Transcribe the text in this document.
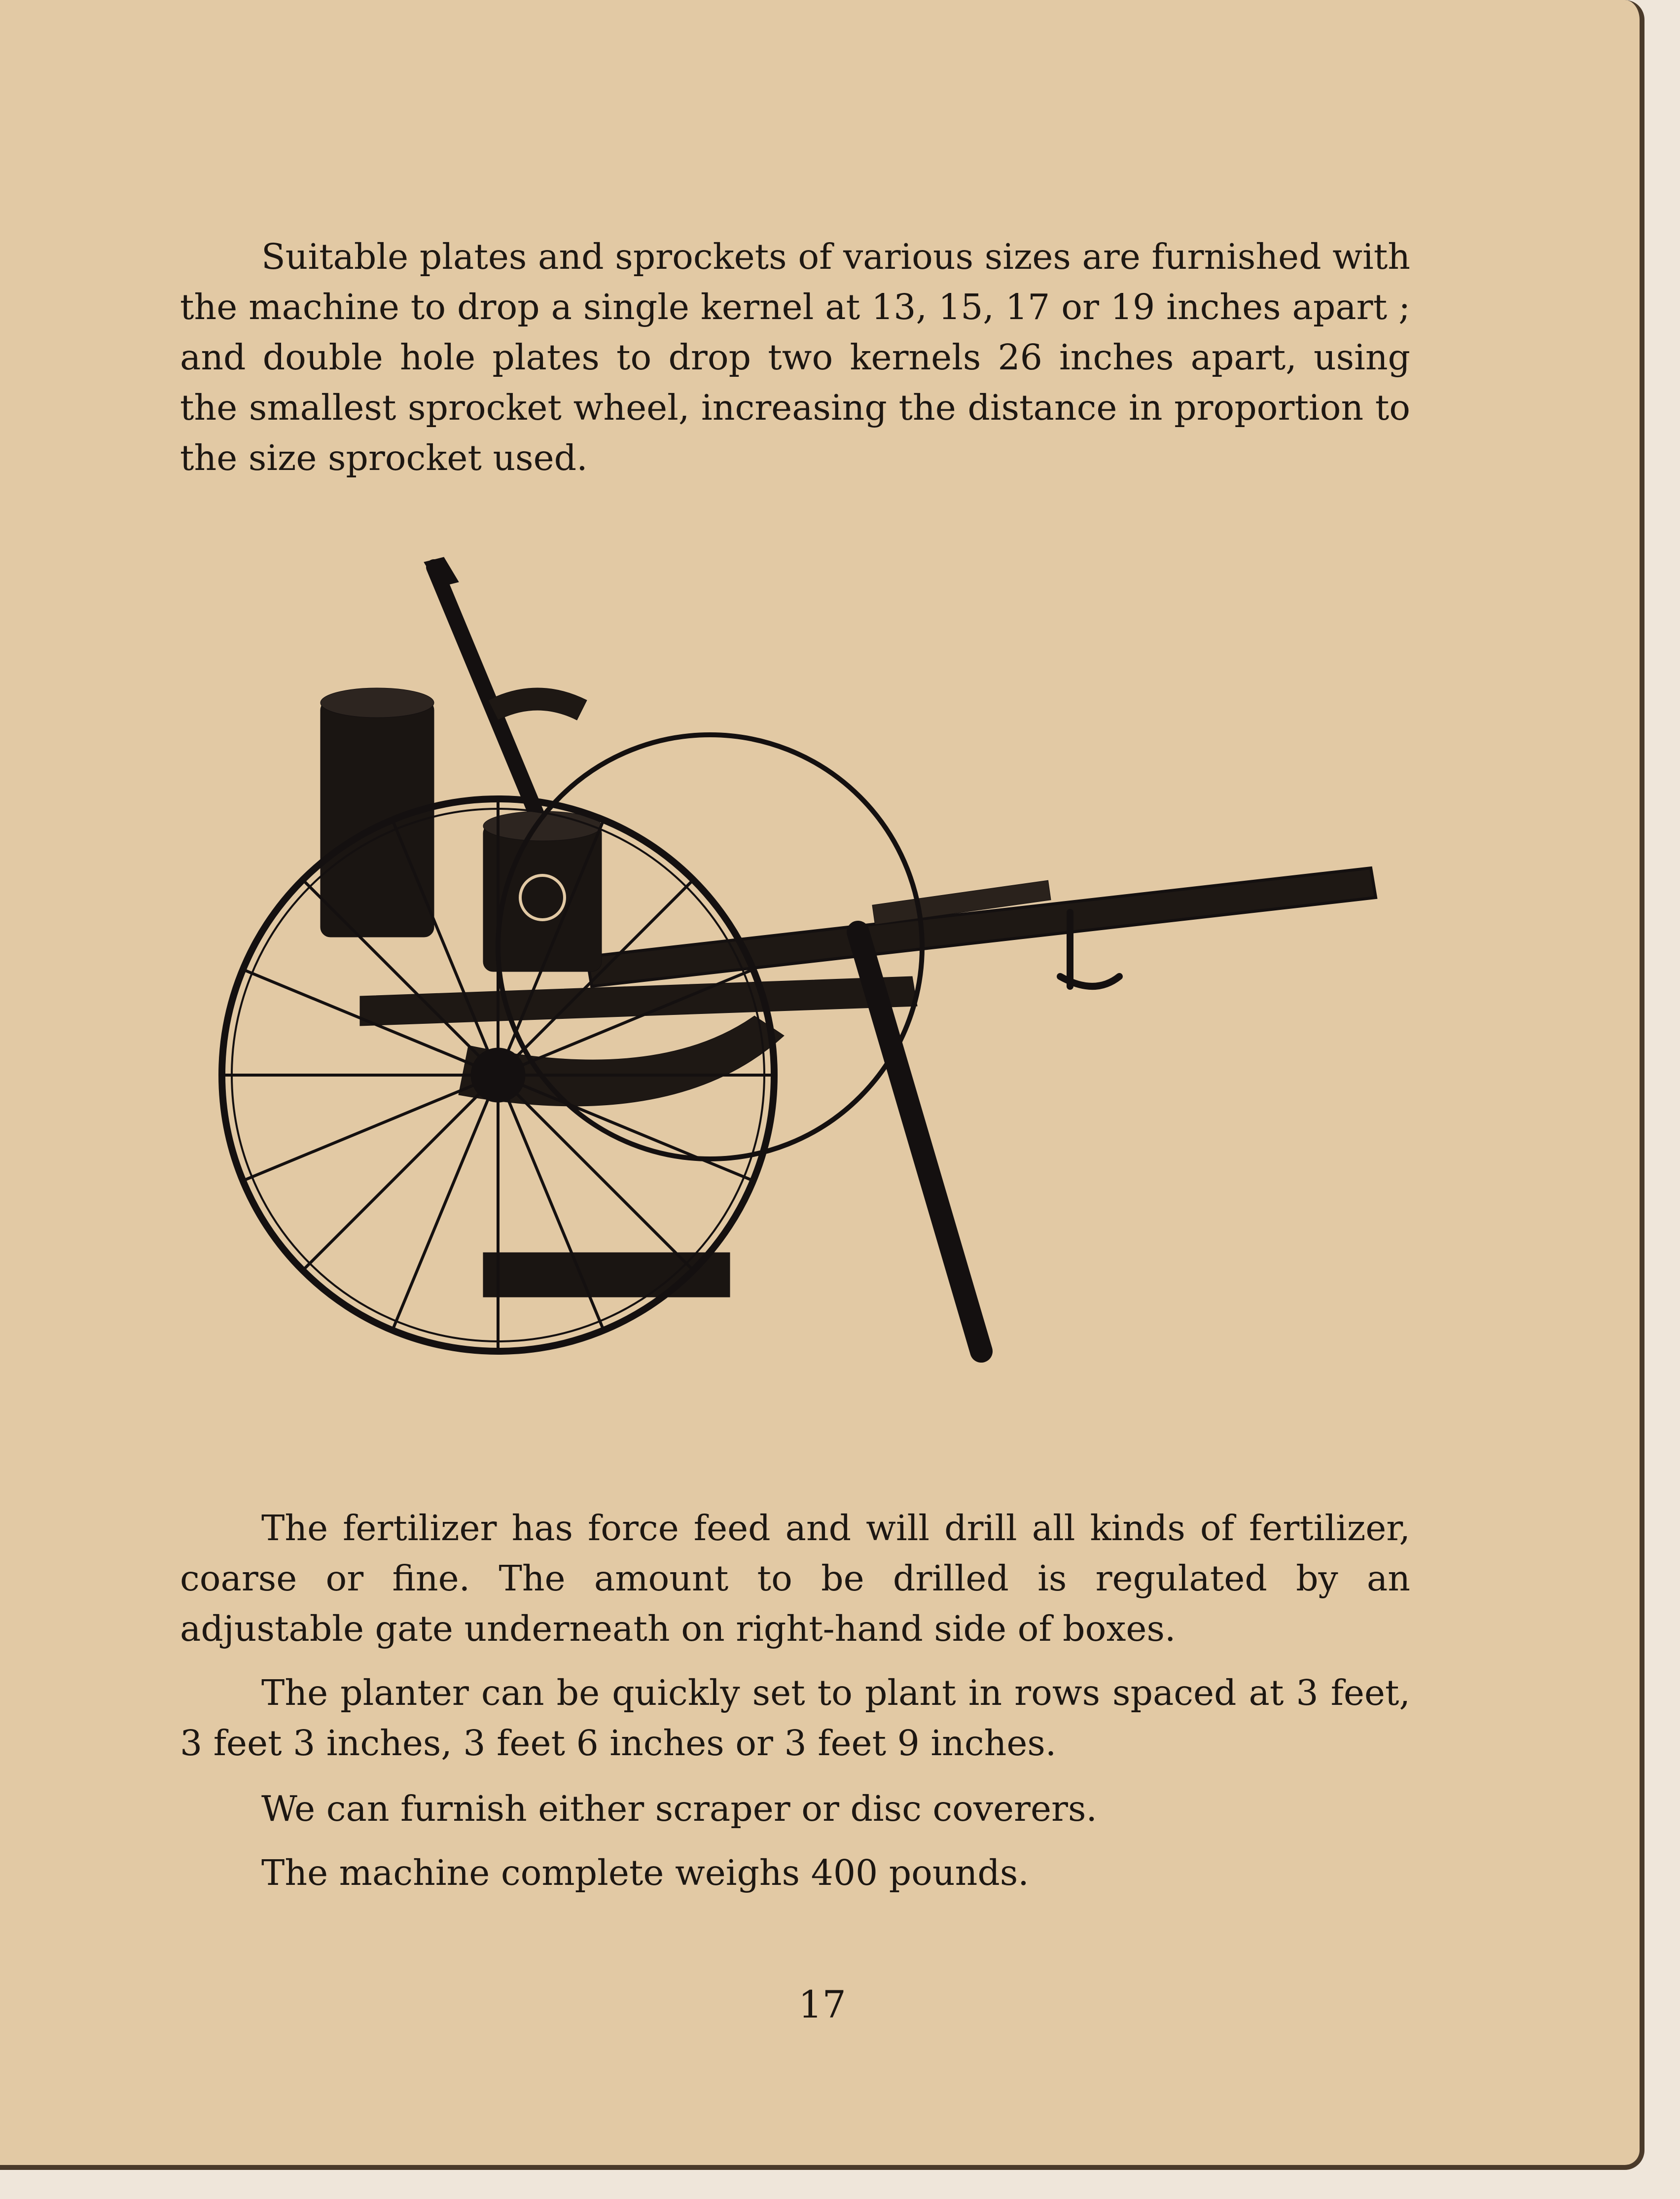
Suitable plates and sprockets of various sizes are furnished with the machine to drop a single kernel at 13, 15, 17 or 19 inches apart ; and double hole plates to drop two kernels 26 inches apart, using the smallest sprocket wheel, increasing the distance in proportion to the size sprocket used.

The fertilizer has force feed and will drill all kinds of fertilizer, coarse or fine. The amount to be drilled is regulated by an adjustable gate underneath on right-hand side of boxes.

The planter can be quickly set to plant in rows spaced at 3 feet, 3 feet 3 inches, 3 feet 6 inches or 3 feet 9 inches.

We can furnish either scraper or disc coverers.

The machine complete weighs 400 pounds.

17
